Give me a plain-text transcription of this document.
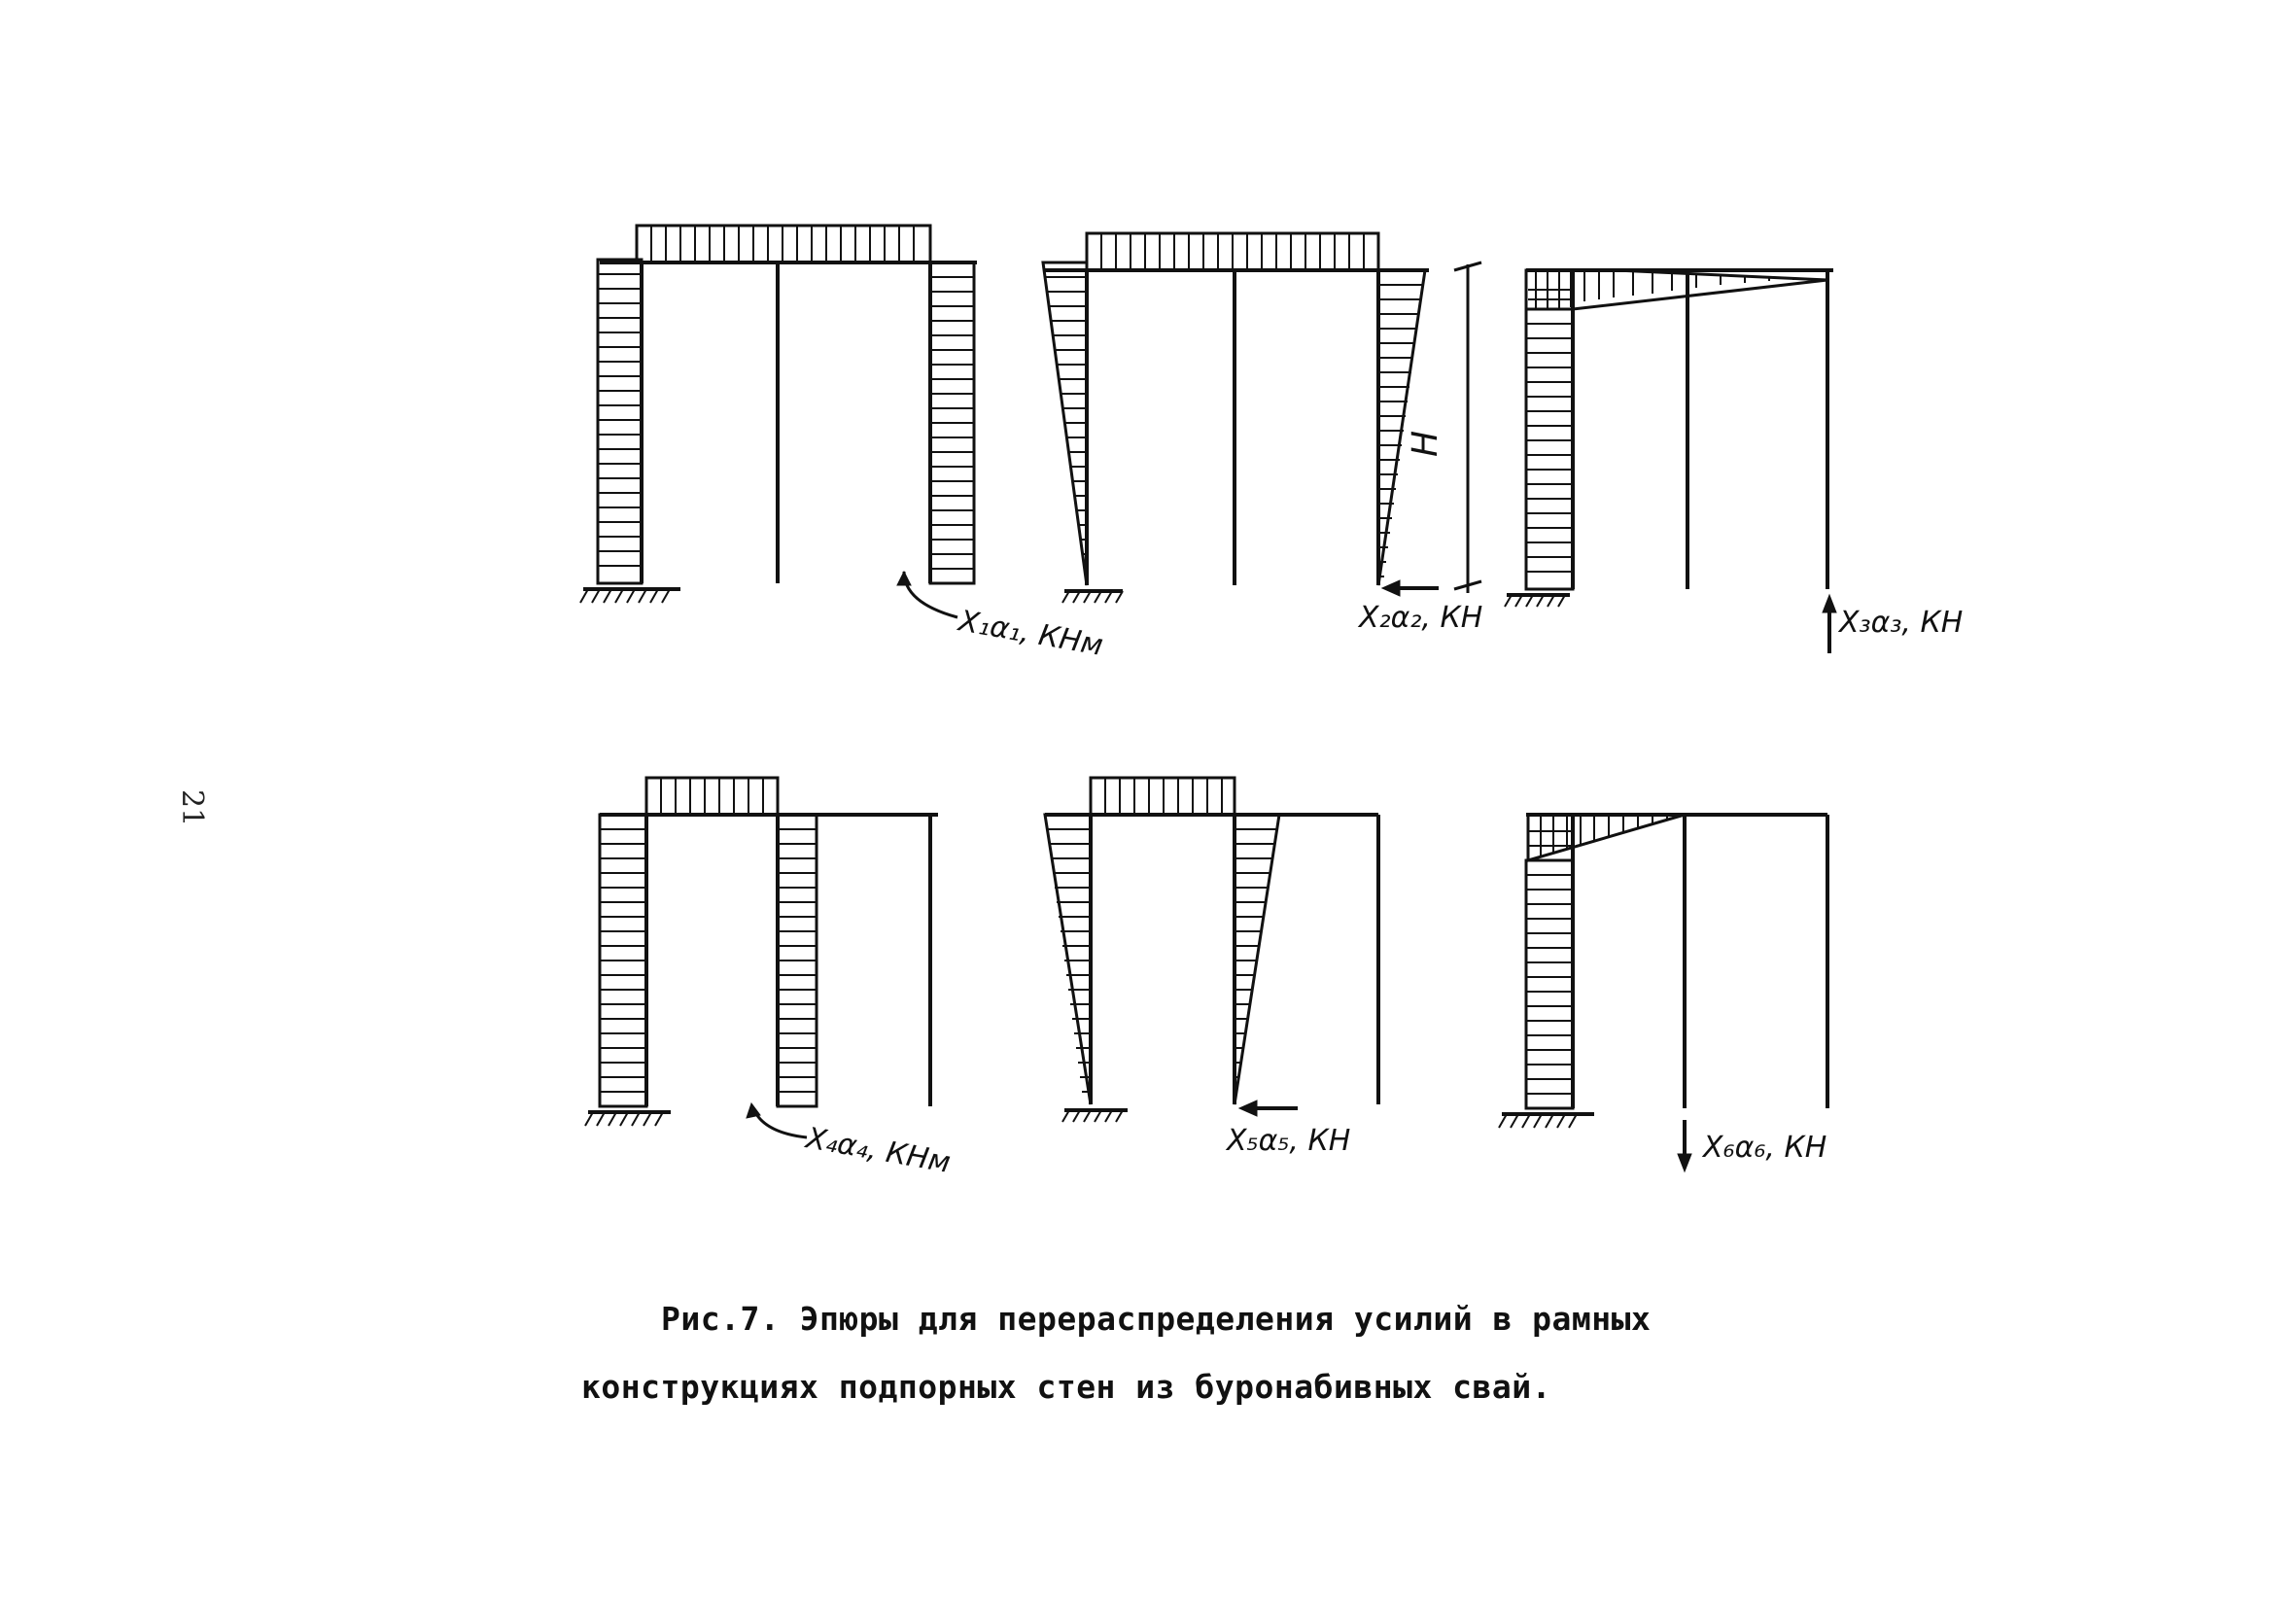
21
X₁α₁, КНм
H
X₂α₂, КН	X₃α₃, КН
X₄α₄, КНм	X₅α₅, КН	X₆α₆, КН
Рис.7. Эпюры для перераспределения усилий в рамных
конструкциях подпорных стен из буронабивных свай.
